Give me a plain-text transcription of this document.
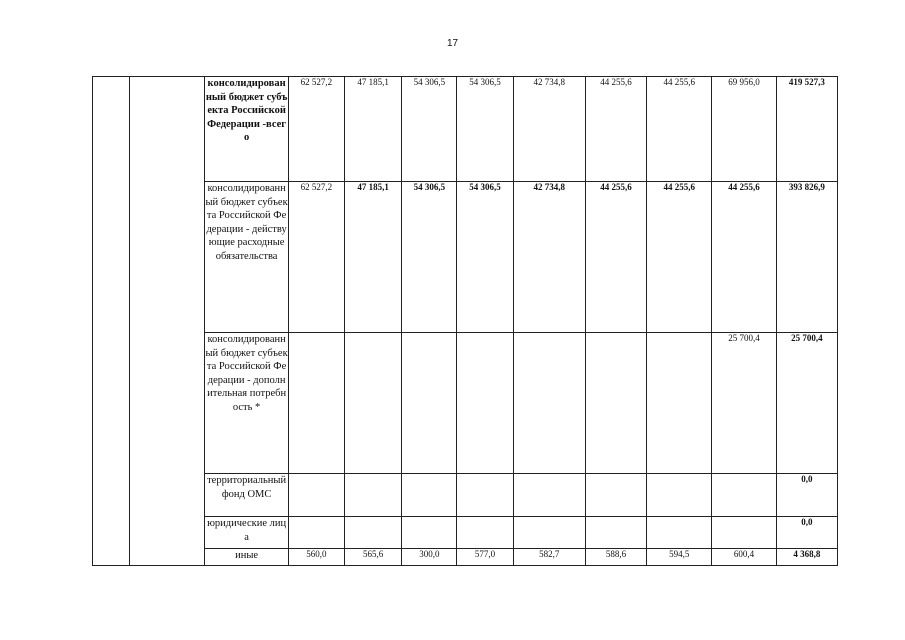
17
		консолидированный бюджет субъекта Российской Федерации -всего	62 527,2	47 185,1	54 306,5	54 306,5	42 734,8	44 255,6	44 255,6	69 956,0	419 527,3
		консолидированный бюджет субъекта Российской Федерации - действующие расходные обязательства	62 527,2	47 185,1	54 306,5	54 306,5	42 734,8	44 255,6	44 255,6	44 255,6	393 826,9
		консолидированный бюджет субъекта Российской Федерации - дополнительная потребность *								25 700,4	25 700,4
		территориальный фонд ОМС									0,0
		юридические лица									0,0
		иные	560,0	565,6	300,0	577,0	582,7	588,6	594,5	600,4	4 368,8
